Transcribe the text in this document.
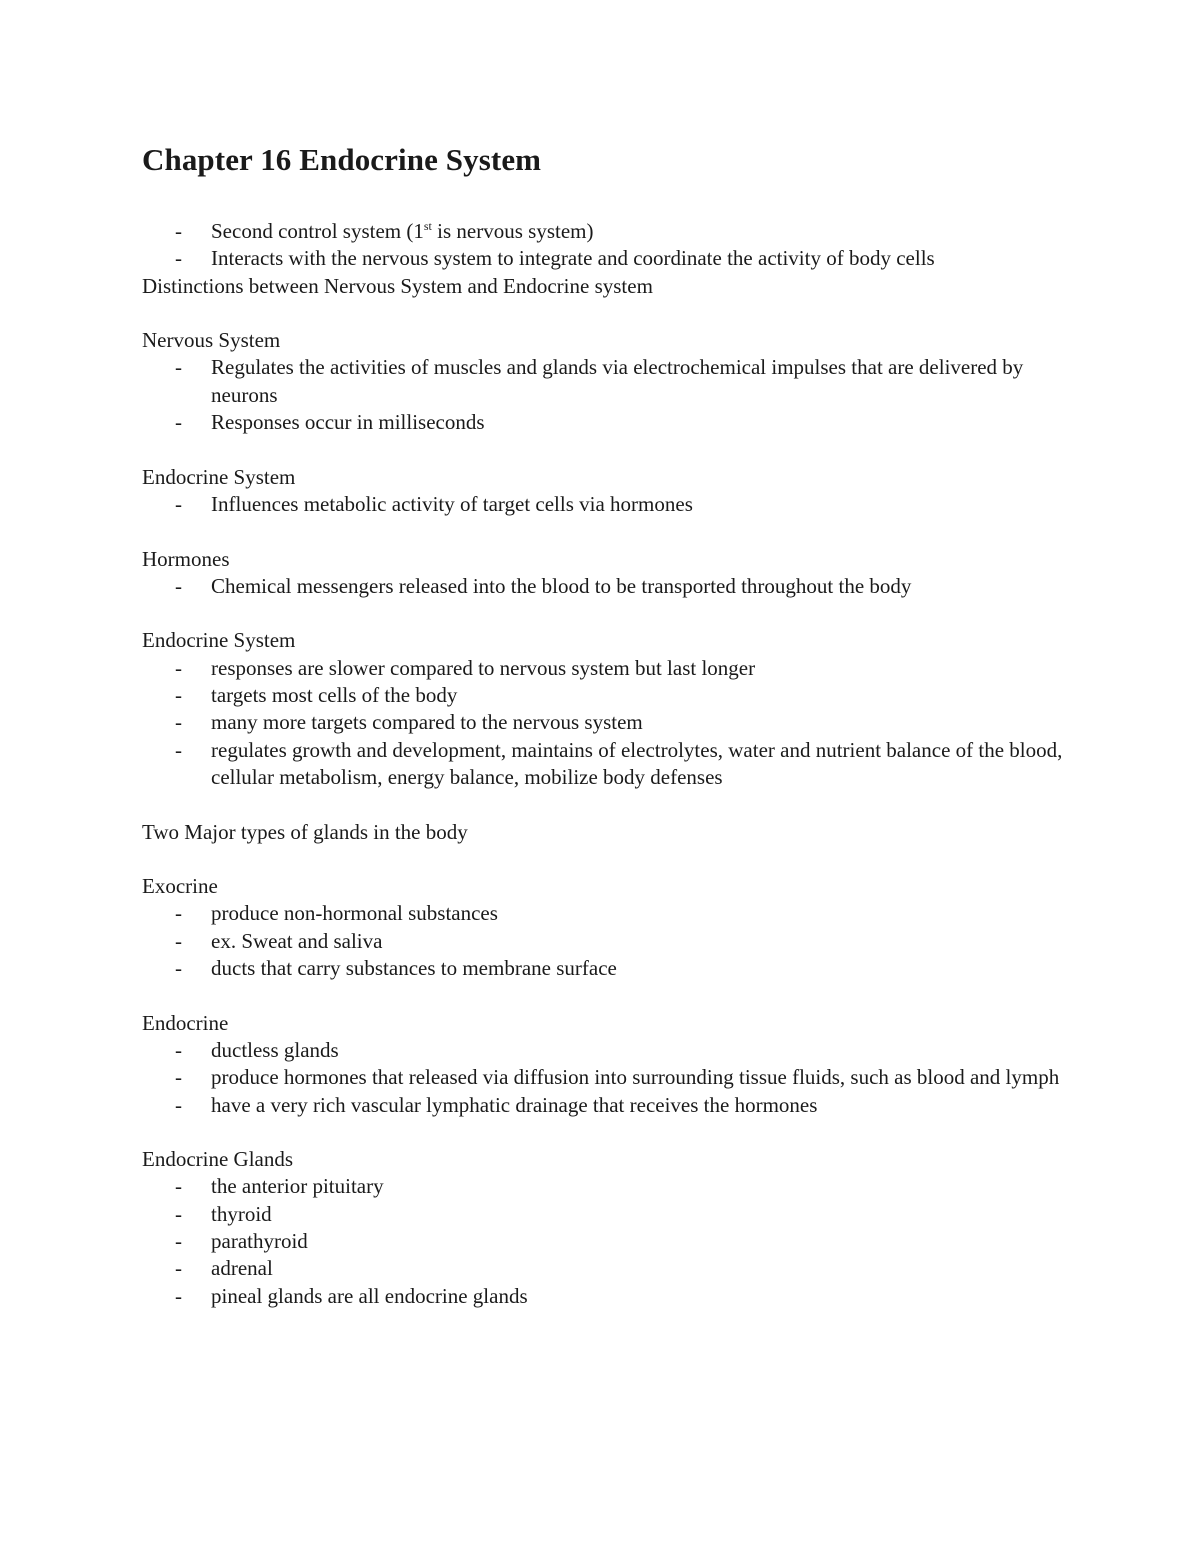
Chapter 16 Endocrine System
- Second control system (1st is nervous system)
- Interacts with the nervous system to integrate and coordinate the activity of body cells
Distinctions between Nervous System and Endocrine system
Nervous System
- Regulates the activities of muscles and glands via electrochemical impulses that are delivered by neurons
- Responses occur in milliseconds
Endocrine System
- Influences metabolic activity of target cells via hormones
Hormones
- Chemical messengers released into the blood to be transported throughout the body
Endocrine System
- responses are slower compared to nervous system but last longer
- targets most cells of the body
- many more targets compared to the nervous system
- regulates growth and development, maintains of electrolytes, water and nutrient balance of the blood, cellular metabolism, energy balance, mobilize body defenses
Two Major types of glands in the body
Exocrine
- produce non-hormonal substances
- ex. Sweat and saliva
- ducts that carry substances to membrane surface
Endocrine
- ductless glands
- produce hormones that released via diffusion into surrounding tissue fluids, such as blood and lymph
- have a very rich vascular lymphatic drainage that receives the hormones
Endocrine Glands
- the anterior pituitary
- thyroid
- parathyroid
- adrenal
- pineal glands are all endocrine glands
